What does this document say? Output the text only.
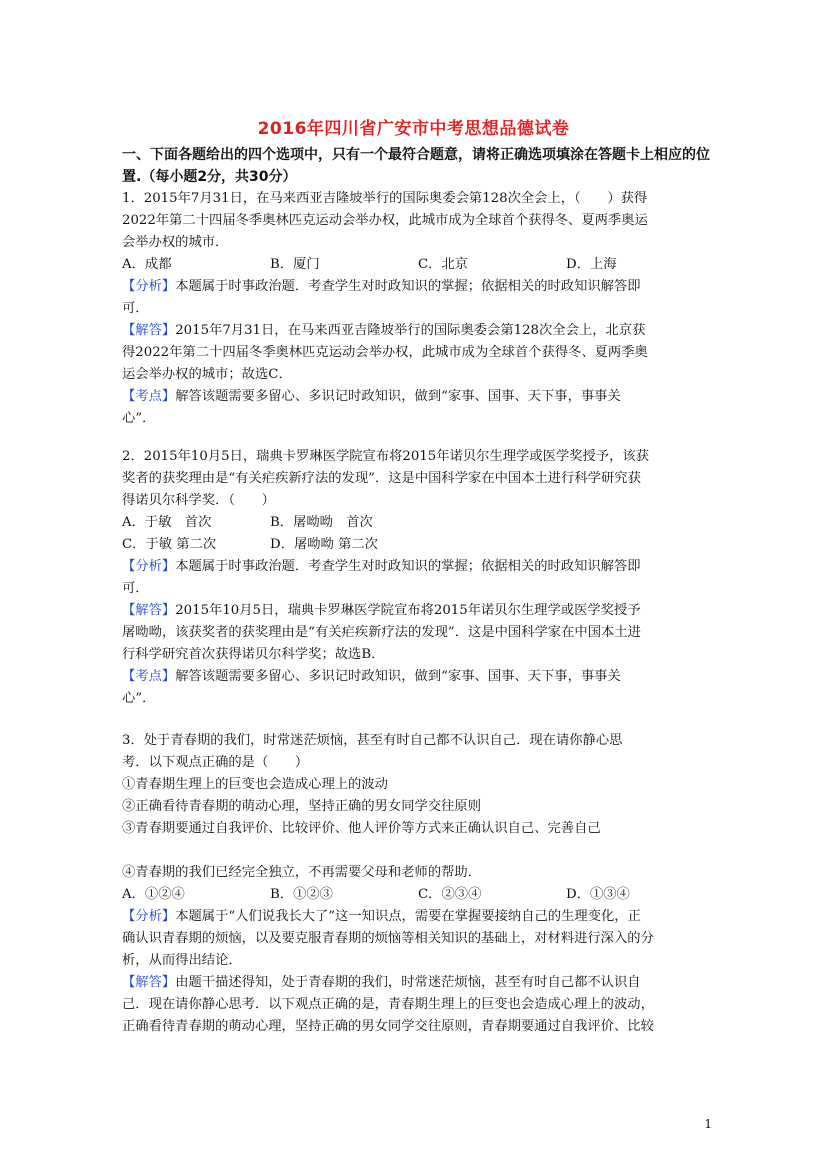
2016年四川省广安市中考思想品德试卷
一、下面各题给出的四个选项中，只有一个最符合题意，请将正确选项填涂在答题卡上相应的位置.（每小题2分，共30分）
1．2015年7月31日，在马来西亚吉隆坡举行的国际奥委会第128次全会上，（　　）获得
2022年第二十四届冬季奥林匹克运动会举办权，此城市成为全球首个获得冬、夏两季奥运
会举办权的城市．
A．成都	B．厦门	C．北京	D．上海
【分析】本题属于时事政治题．考查学生对时政知识的掌握；依据相关的时政知识解答即
可．
【解答】2015年7月31日，在马来西亚吉隆坡举行的国际奥委会第128次全会上，北京获
得2022年第二十四届冬季奥林匹克运动会举办权，此城市成为全球首个获得冬、夏两季奥
运会举办权的城市；故选C．
【考点】解答该题需要多留心、多识记时政知识，做到“家事、国事、天下事，事事关
心”．
2．2015年10月5日，瑞典卡罗琳医学院宣布将2015年诺贝尔生理学或医学奖授予，该获
奖者的获奖理由是“有关疟疾新疗法的发现”．这是中国科学家在中国本土进行科学研究获
得诺贝尔科学奖．（　　）
A．于敏　首次	B．屠呦呦　首次
C．于敏 第二次	D．屠呦呦 第二次
【分析】本题属于时事政治题．考查学生对时政知识的掌握；依据相关的时政知识解答即
可．
【解答】2015年10月5日，瑞典卡罗琳医学院宣布将2015年诺贝尔生理学或医学奖授予
屠呦呦，该获奖者的获奖理由是“有关疟疾新疗法的发现”．这是中国科学家在中国本土进
行科学研究首次获得诺贝尔科学奖；故选B．
【考点】解答该题需要多留心、多识记时政知识，做到“家事、国事、天下事，事事关
心”．
3．处于青春期的我们，时常迷茫烦恼，甚至有时自己都不认识自己．现在请你静心思
考．以下观点正确的是（　　）
①青春期生理上的巨变也会造成心理上的波动
②正确看待青春期的萌动心理，坚持正确的男女同学交往原则
③青春期要通过自我评价、比较评价、他人评价等方式来正确认识自己、完善自己
④青春期的我们已经完全独立，不再需要父母和老师的帮助．
A．①②④	B．①②③	C．②③④	D．①③④
【分析】本题属于“人们说我长大了”这一知识点，需要在掌握要接纳自己的生理变化，正
确认识青春期的烦恼，以及要克服青春期的烦恼等相关知识的基础上，对材料进行深入的分
析，从而得出结论．
【解答】由题干描述得知，处于青春期的我们，时常迷茫烦恼，甚至有时自己都不认识自
己．现在请你静心思考．以下观点正确的是，青春期生理上的巨变也会造成心理上的波动，
正确看待青春期的萌动心理，坚持正确的男女同学交往原则，青春期要通过自我评价、比较
1
